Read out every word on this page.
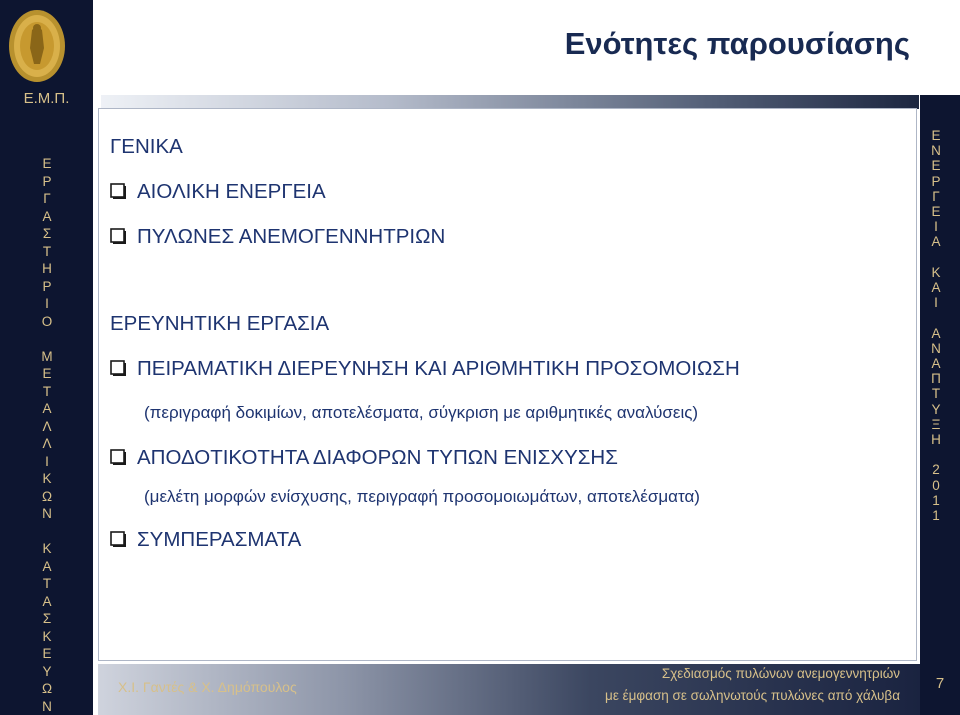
Ε.Μ.Π.
Ε
Ρ
Γ
Α
Σ
Τ
Η
Ρ
Ι
Ο

Μ
Ε
Τ
Α
Λ
Λ
Ι
Κ
Ω
Ν

Κ
Α
Τ
Α
Σ
Κ
Ε
Υ
Ω
Ν
Ε
Ν
Ε
Ρ
Γ
Ε
Ι
Α

Κ
Α
Ι

Α
Ν
Α
Π
Τ
Υ
Ξ
Η

2
0
1
1
Ενότητες παρουσίασης
ΓΕΝΙΚΑ
ΑΙΟΛΙΚΗ ΕΝΕΡΓΕΙΑ
ΠΥΛΩΝΕΣ ΑΝΕΜΟΓΕΝΝΗΤΡΙΩΝ
ΕΡΕΥΝΗΤΙΚΗ ΕΡΓΑΣΙΑ
ΠΕΙΡΑΜΑΤΙΚΗ ΔΙΕΡΕΥΝΗΣΗ ΚΑΙ ΑΡΙΘΜΗΤΙΚΗ ΠΡΟΣΟΜΟΙΩΣΗ
(περιγραφή δοκιμίων, αποτελέσματα, σύγκριση με αριθμητικές αναλύσεις)
ΑΠΟΔΟΤΙΚΟΤΗΤΑ ΔΙΑΦΟΡΩΝ ΤΥΠΩΝ ΕΝΙΣΧΥΣΗΣ
(μελέτη μορφών ενίσχυσης, περιγραφή προσομοιωμάτων, αποτελέσματα)
ΣΥΜΠΕΡΑΣΜΑΤΑ
Χ.Ι. Γαντές & Χ. Δημόπουλος
Σχεδιασμός πυλώνων ανεμογεννητριών
με έμφαση σε σωληνωτούς πυλώνες από χάλυβα
7
